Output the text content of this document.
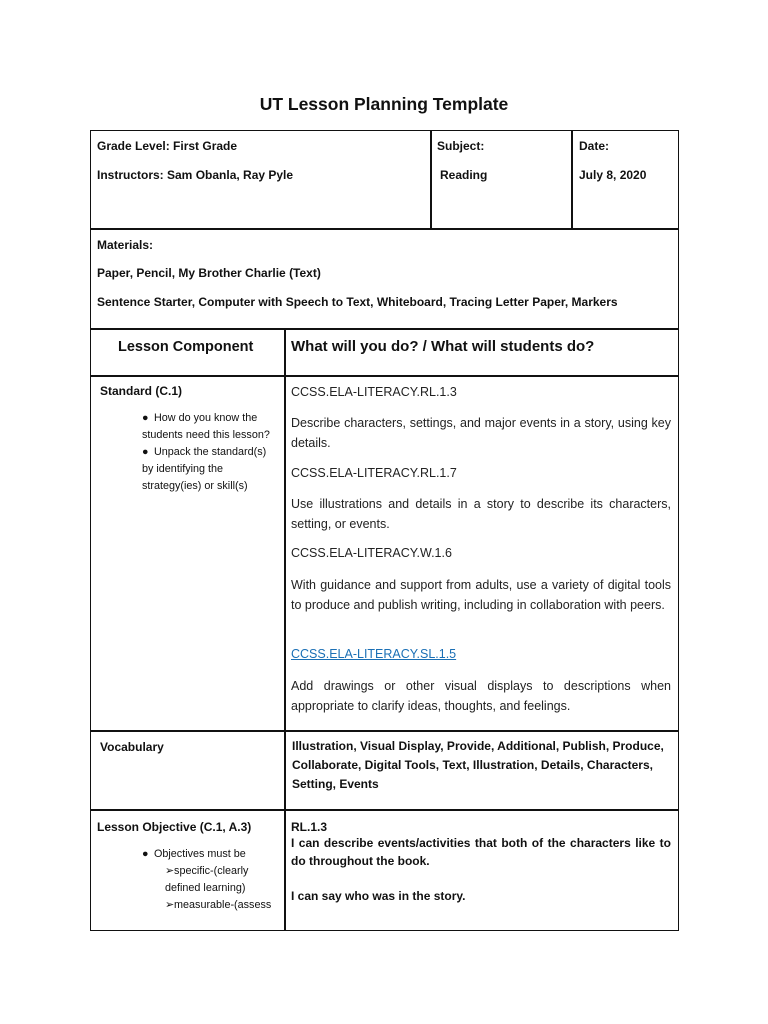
UT Lesson Planning Template
Grade Level: First Grade
Instructors: Sam Obanla, Ray Pyle
Subject:
Reading
Date:
July 8, 2020
Materials:
Paper, Pencil, My Brother Charlie (Text)
Sentence Starter, Computer with Speech to Text, Whiteboard, Tracing Letter Paper, Markers
Lesson Component	What will you do? / What will students do?
Standard (C.1)
● How do you know the
students need this lesson?
● Unpack the standard(s)
by identifying the
strategy(ies) or skill(s)
CCSS.ELA-LITERACY.RL.1.3
Describe characters, settings, and major events in a story, using key details.
CCSS.ELA-LITERACY.RL.1.7
Use illustrations and details in a story to describe its characters, setting, or events.
CCSS.ELA-LITERACY.W.1.6
With guidance and support from adults, use a variety of digital tools to produce and publish writing, including in collaboration with peers.
CCSS.ELA-LITERACY.SL.1.5
Add drawings or other visual displays to descriptions when appropriate to clarify ideas, thoughts, and feelings.
Vocabulary	Illustration, Visual Display, Provide, Additional, Publish, Produce, Collaborate, Digital Tools, Text, Illustration, Details, Characters, Setting, Events
Lesson Objective (C.1, A.3)
● Objectives must be
➢specific-(clearly
defined learning)
➢measurable-(assess
RL.1.3
I can describe events/activities that both of the characters like to do throughout the book.
I can say who was in the story.
